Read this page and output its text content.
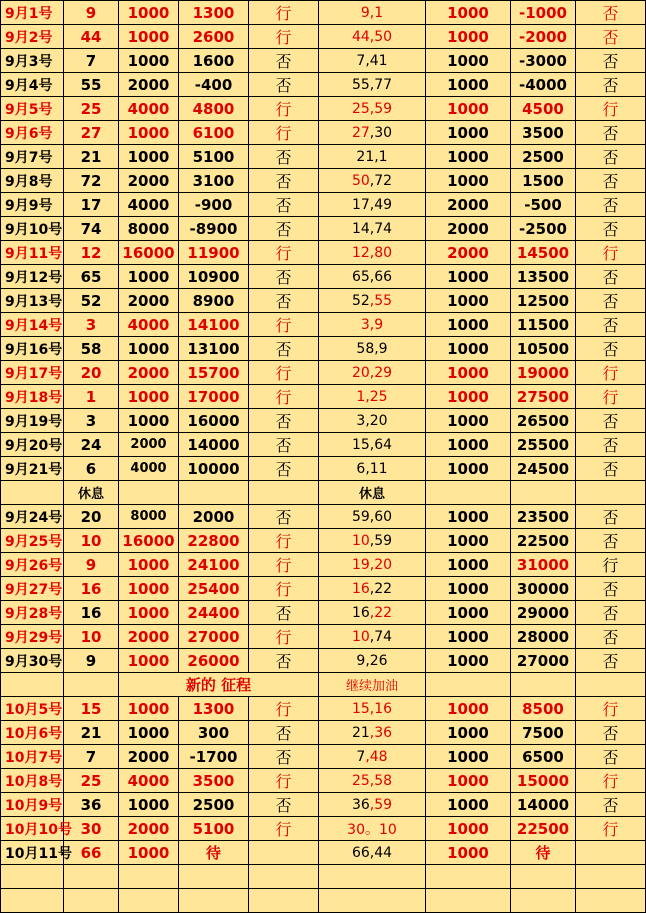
9月1号	9	1000	1300	行	9,1	1000	-1000	否
9月2号	44	1000	2600	行	44,50	1000	-2000	否
9月3号	7	1000	1600	否	7,41	1000	-3000	否
9月4号	55	2000	-400	否	55,77	1000	-4000	否
9月5号	25	4000	4800	行	25,59	1000	4500	行
9月6号	27	1000	6100	行	27,30	1000	3500	否
9月7号	21	1000	5100	否	21,1	1000	2500	否
9月8号	72	2000	3100	否	50,72	1000	1500	否
9月9号	17	4000	-900	否	17,49	2000	-500	否
9月10号	74	8000	-8900	否	14,74	2000	-2500	否
9月11号	12	16000	11900	行	12,80	2000	14500	行
9月12号	65	1000	10900	否	65,66	1000	13500	否
9月13号	52	2000	8900	否	52,55	1000	12500	否
9月14号	3	4000	14100	行	3,9	1000	11500	否
9月16号	58	1000	13100	否	58,9	1000	10500	否
9月17号	20	2000	15700	行	20,29	1000	19000	行
9月18号	1	1000	17000	行	1,25	1000	27500	行
9月19号	3	1000	16000	否	3,20	1000	26500	否
9月20号	24	2000	14000	否	15,64	1000	25500	否
9月21号	6	4000	10000	否	6,11	1000	24500	否
	休息				休息			
9月24号	20	8000	2000	否	59,60	1000	23500	否
9月25号	10	16000	22800	行	10,59	1000	22500	否
9月26号	9	1000	24100	行	19,20	1000	31000	行
9月27号	16	1000	25400	行	16,22	1000	30000	否
9月28号	16	1000	24400	否	16,22	1000	29000	否
9月29号	10	2000	27000	行	10,74	1000	28000	否
9月30号	9	1000	26000	否	9,26	1000	27000	否
		新的 征程			继续加油			
10月5号	15	1000	1300	行	15,16	1000	8500	行
10月6号	21	1000	300	否	21,36	1000	7500	否
10月7号	7	2000	-1700	否	7,48	1000	6500	否
10月8号	25	4000	3500	行	25,58	1000	15000	行
10月9号	36	1000	2500	否	36,59	1000	14000	否
10月10号	30	2000	5100	行	30。10	1000	22500	行
10月11号	66	1000	待		66,44	1000	待	
